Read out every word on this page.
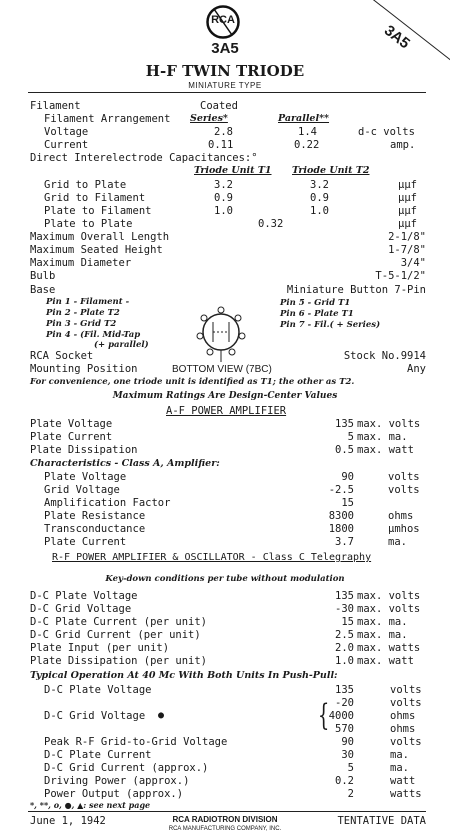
3A5
RCA
3A5
H-F TWIN TRIODE
MINIATURE TYPE
Filament	Coated
Filament Arrangement Series*	Parallel**
Voltage	2.8	1.4	d-c volts
Current	0.11	0.22	amp.
Direct Interelectrode Capacitances:°
Triode Unit T1 Triode Unit T2
Grid to Plate	3.2	3.2	μμf
Grid to Filament	0.9	0.9	μμf
Plate to Filament	1.0	1.0	μμf
Plate to Plate	0.32	μμf
Maximum Overall Length	2-1/8"
Maximum Seated Height	1-7/8"
Maximum Diameter	3/4"
Bulb	T-5-1/2"
Base	Miniature Button 7-Pin
Pin 1 - Filament -
Pin 2 - Plate T2
Pin 3 - Grid T2
Pin 4 - (Fil. Mid-Tap
(+ parallel)
Pin 5 - Grid T1
Pin 6 - Plate T1
Pin 7 - Fil.( + Series)
RCA Socket	Stock No.9914
Mounting Position	BOTTOM VIEW (7BC)	Any
For convenience, one triode unit is identified as T1; the other as T2.
Maximum Ratings Are Design-Center Values
A-F POWER AMPLIFIER
Plate Voltage	135 max. volts
Plate Current	5 max. ma.
Plate Dissipation	0.5 max. watt
Characteristics - Class A, Amplifier:
Plate Voltage	90	volts
Grid Voltage	-2.5	volts
Amplification Factor	15
Plate Resistance	8300	ohms
Transconductance	1800	μmhos
Plate Current	3.7	ma.
R-F POWER AMPLIFIER & OSCILLATOR - Class C Telegraphy
Key-down conditions per tube without modulation
D-C Plate Voltage	135 max. volts
D-C Grid Voltage	-30 max. volts
D-C Plate Current (per unit)	15 max. ma.
D-C Grid Current (per unit)	2.5 max. ma.
Plate Input (per unit)	2.0 max. watts
Plate Dissipation (per unit)	1.0 max. watt
Typical Operation At 40 Mc With Both Units In Push-Pull:
D-C Plate Voltage	135	volts
D-C Grid Voltage ●	{ -20	volts
4000	ohms
570	ohms
Peak R-F Grid-to-Grid Voltage	90	volts
D-C Plate Current	30	ma.
D-C Grid Current (approx.)	5	ma.
Driving Power (approx.)	0.2	watt
Power Output (approx.)	2	watts
*, **, o, ●, ▲: see next page
June 1, 1942	RCA RADIOTRON DIVISION
RCA MANUFACTURING COMPANY, INC.
TENTATIVE DATA
